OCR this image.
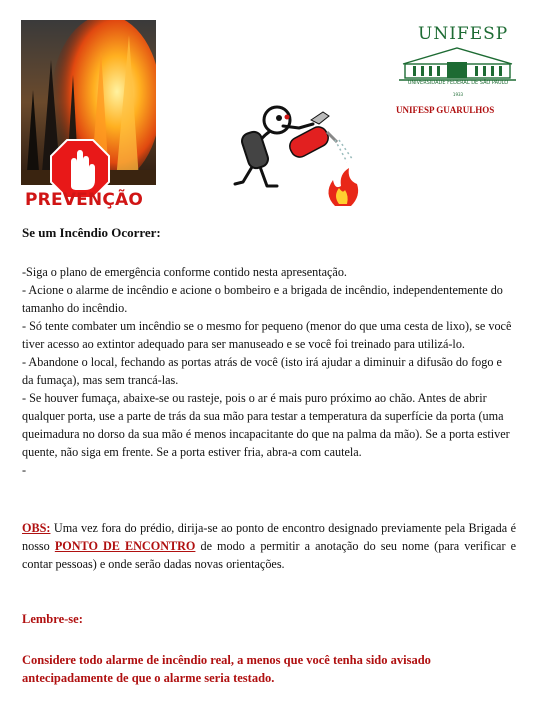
PREVENÇÃO
UNIFESP
UNIVERSIDADE FEDERAL DE SÃO PAULO
1933
UNIFESP GUARULHOS
Se um Incêndio Ocorrer:

-Siga o plano de emergência conforme contido nesta apresentação.

- Acione o alarme de incêndio e acione o bombeiro e a brigada de incêndio, independentemente do tamanho do incêndio.

- Só tente combater um incêndio se o mesmo for pequeno (menor do que uma cesta de lixo), se você tiver acesso ao extintor adequado para ser manuseado e se você foi treinado para utilizá-lo.

- Abandone o local, fechando as portas atrás de você (isto irá ajudar a diminuir a difusão do fogo e da fumaça), mas sem trancá-las.

- Se houver fumaça, abaixe-se ou rasteje, pois o ar é mais puro próximo ao chão. Antes de abrir qualquer porta, use a parte de trás da sua mão para testar a temperatura da superfície da porta (uma queimadura no dorso da sua mão é menos incapacitante do que na palma da mão). Se a porta estiver quente, não siga em frente. Se a porta estiver fria, abra-a com cautela.

-

OBS: Uma vez fora do prédio, dirija-se ao ponto de encontro designado previamente pela Brigada é nosso PONTO DE ENCONTRO de modo a permitir a anotação do seu nome (para verificar e contar pessoas) e onde serão dadas novas orientações.
Lembre-se:
Considere todo alarme de incêndio real, a menos que você tenha sido avisado antecipadamente de que o alarme seria testado.
